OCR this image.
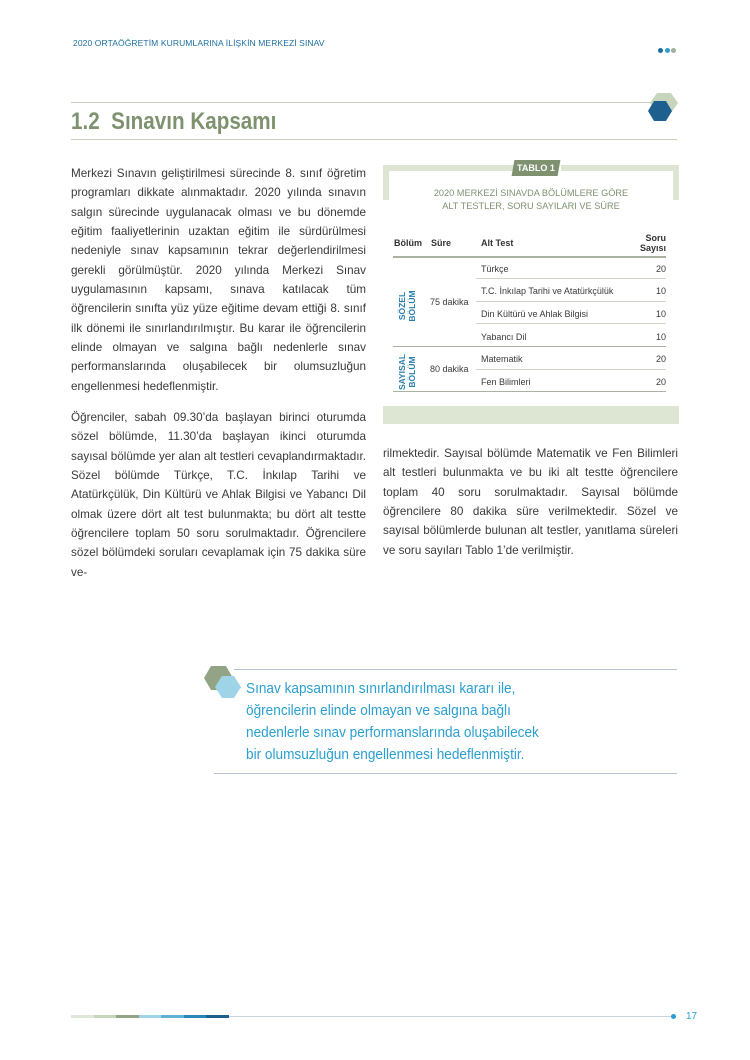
2020 ORTAÖĞRETİM KURUMLARINA İLİŞKİN MERKEZİ SINAV
1.2 Sınavın Kapsamı

Merkezi Sınavın geliştirilmesi sürecinde 8. sınıf öğretim programları dikkate alınmaktadır. 2020 yılında sınavın salgın sürecinde uygulanacak olması ve bu dönemde eğitim faaliyetlerinin uzaktan eğitim ile sürdürülmesi nedeniyle sınav kapsamının tekrar değerlendirilmesi gerekli görülmüştür. 2020 yılında Merkezi Sınav uygulamasının kapsamı, sınava katılacak tüm öğrencilerin sınıfta yüz yüze eğitime devam ettiği 8. sınıf ilk dönemi ile sınırlandırılmıştır. Bu karar ile öğrencilerin elinde olmayan ve salgına bağlı nedenlerle sınav performanslarında oluşabilecek bir olumsuzluğun engellenmesi hedeflenmiştir.

Öğrenciler, sabah 09.30’da başlayan birinci oturumda sözel bölümde, 11.30’da başlayan ikinci oturumda sayısal bölümde yer alan alt testleri cevaplandırmaktadır. Sözel bölümde Türkçe, T.C. İnkılap Tarihi ve Atatürkçülük, Din Kültürü ve Ahlak Bilgisi ve Yabancı Dil olmak üzere dört alt test bulunmakta; bu dört alt testte öğrencilere toplam 50 soru sorulmaktadır. Öğrencilere sözel bölümdeki soruları cevaplamak için 75 dakika süre ve-

rilmektedir. Sayısal bölümde Matematik ve Fen Bilimleri alt testleri bulunmakta ve bu iki alt testte öğrencilere toplam 40 soru sorulmaktadır. Sayısal bölümde öğrencilere 80 dakika süre verilmektedir. Sözel ve sayısal bölümlerde bulunan alt testler, yanıtlama süreleri ve soru sayıları Tablo 1’de verilmiştir.

TABLO 1
2020 MERKEZİ SINAVDA BÖLÜMLERE GÖRE
ALT TESTLER, SORU SAYILARI VE SÜRE
Bölüm Süre	Alt Test	Soru
Sayısı
SÖZEL BÖLÜM 75 dakika
Türkçe	20
T.C. İnkılap Tarihi ve Atatürkçülük	10
Din Kültürü ve Ahlak Bilgisi	10
Yabancı Dil	10
SAYISAL BÖLÜM 80 dakika
Matematik	20
Fen Bilimleri	20
Sınav kapsamının sınırlandırılması kararı ile,
öğrencilerin elinde olmayan ve salgına bağlı
nedenlerle sınav performanslarında oluşabilecek
bir olumsuzluğun engellenmesi hedeflenmiştir.
17
